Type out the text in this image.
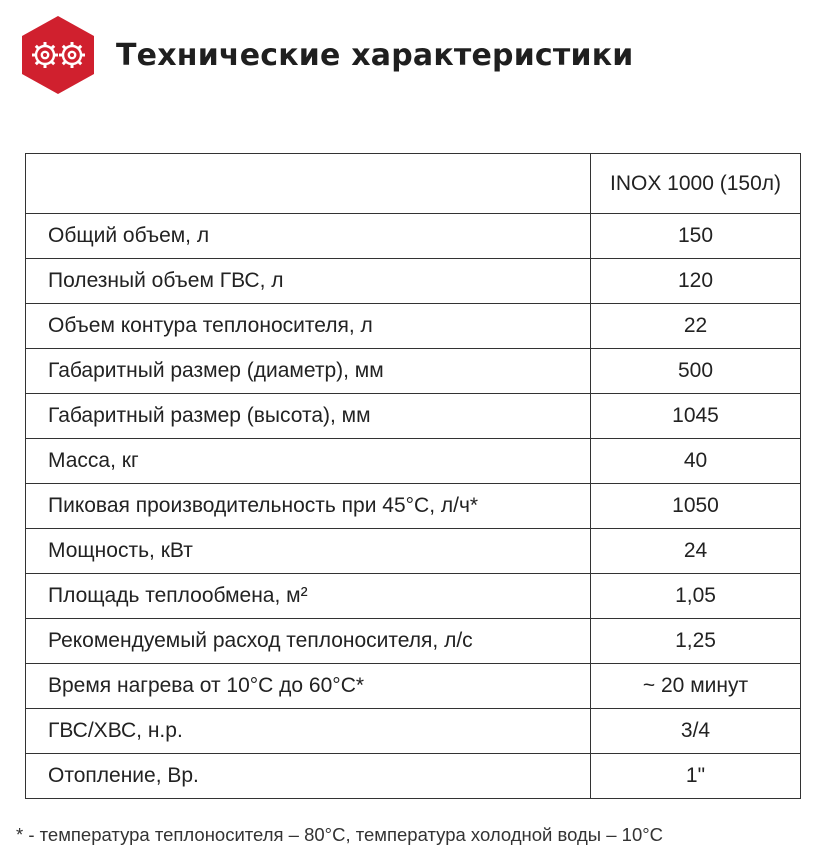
Технические характеристики
	INOX 1000 (150л)
Общий объем, л	150
Полезный объем ГВС, л	120
Объем контура теплоносителя, л	22
Габаритный размер (диаметр), мм	500
Габаритный размер (высота), мм	1045
Масса, кг	40
Пиковая производительность при 45°С, л/ч*	1050
Мощность, кВт	24
Площадь теплообмена, м²	1,05
Рекомендуемый расход теплоносителя, л/с	1,25
Время нагрева от 10°С до 60°С*	~ 20 минут
ГВС/ХВС, н.р.	3/4
Отопление, Вр.	1"
* - температура теплоносителя – 80°С, температура холодной воды – 10°С
